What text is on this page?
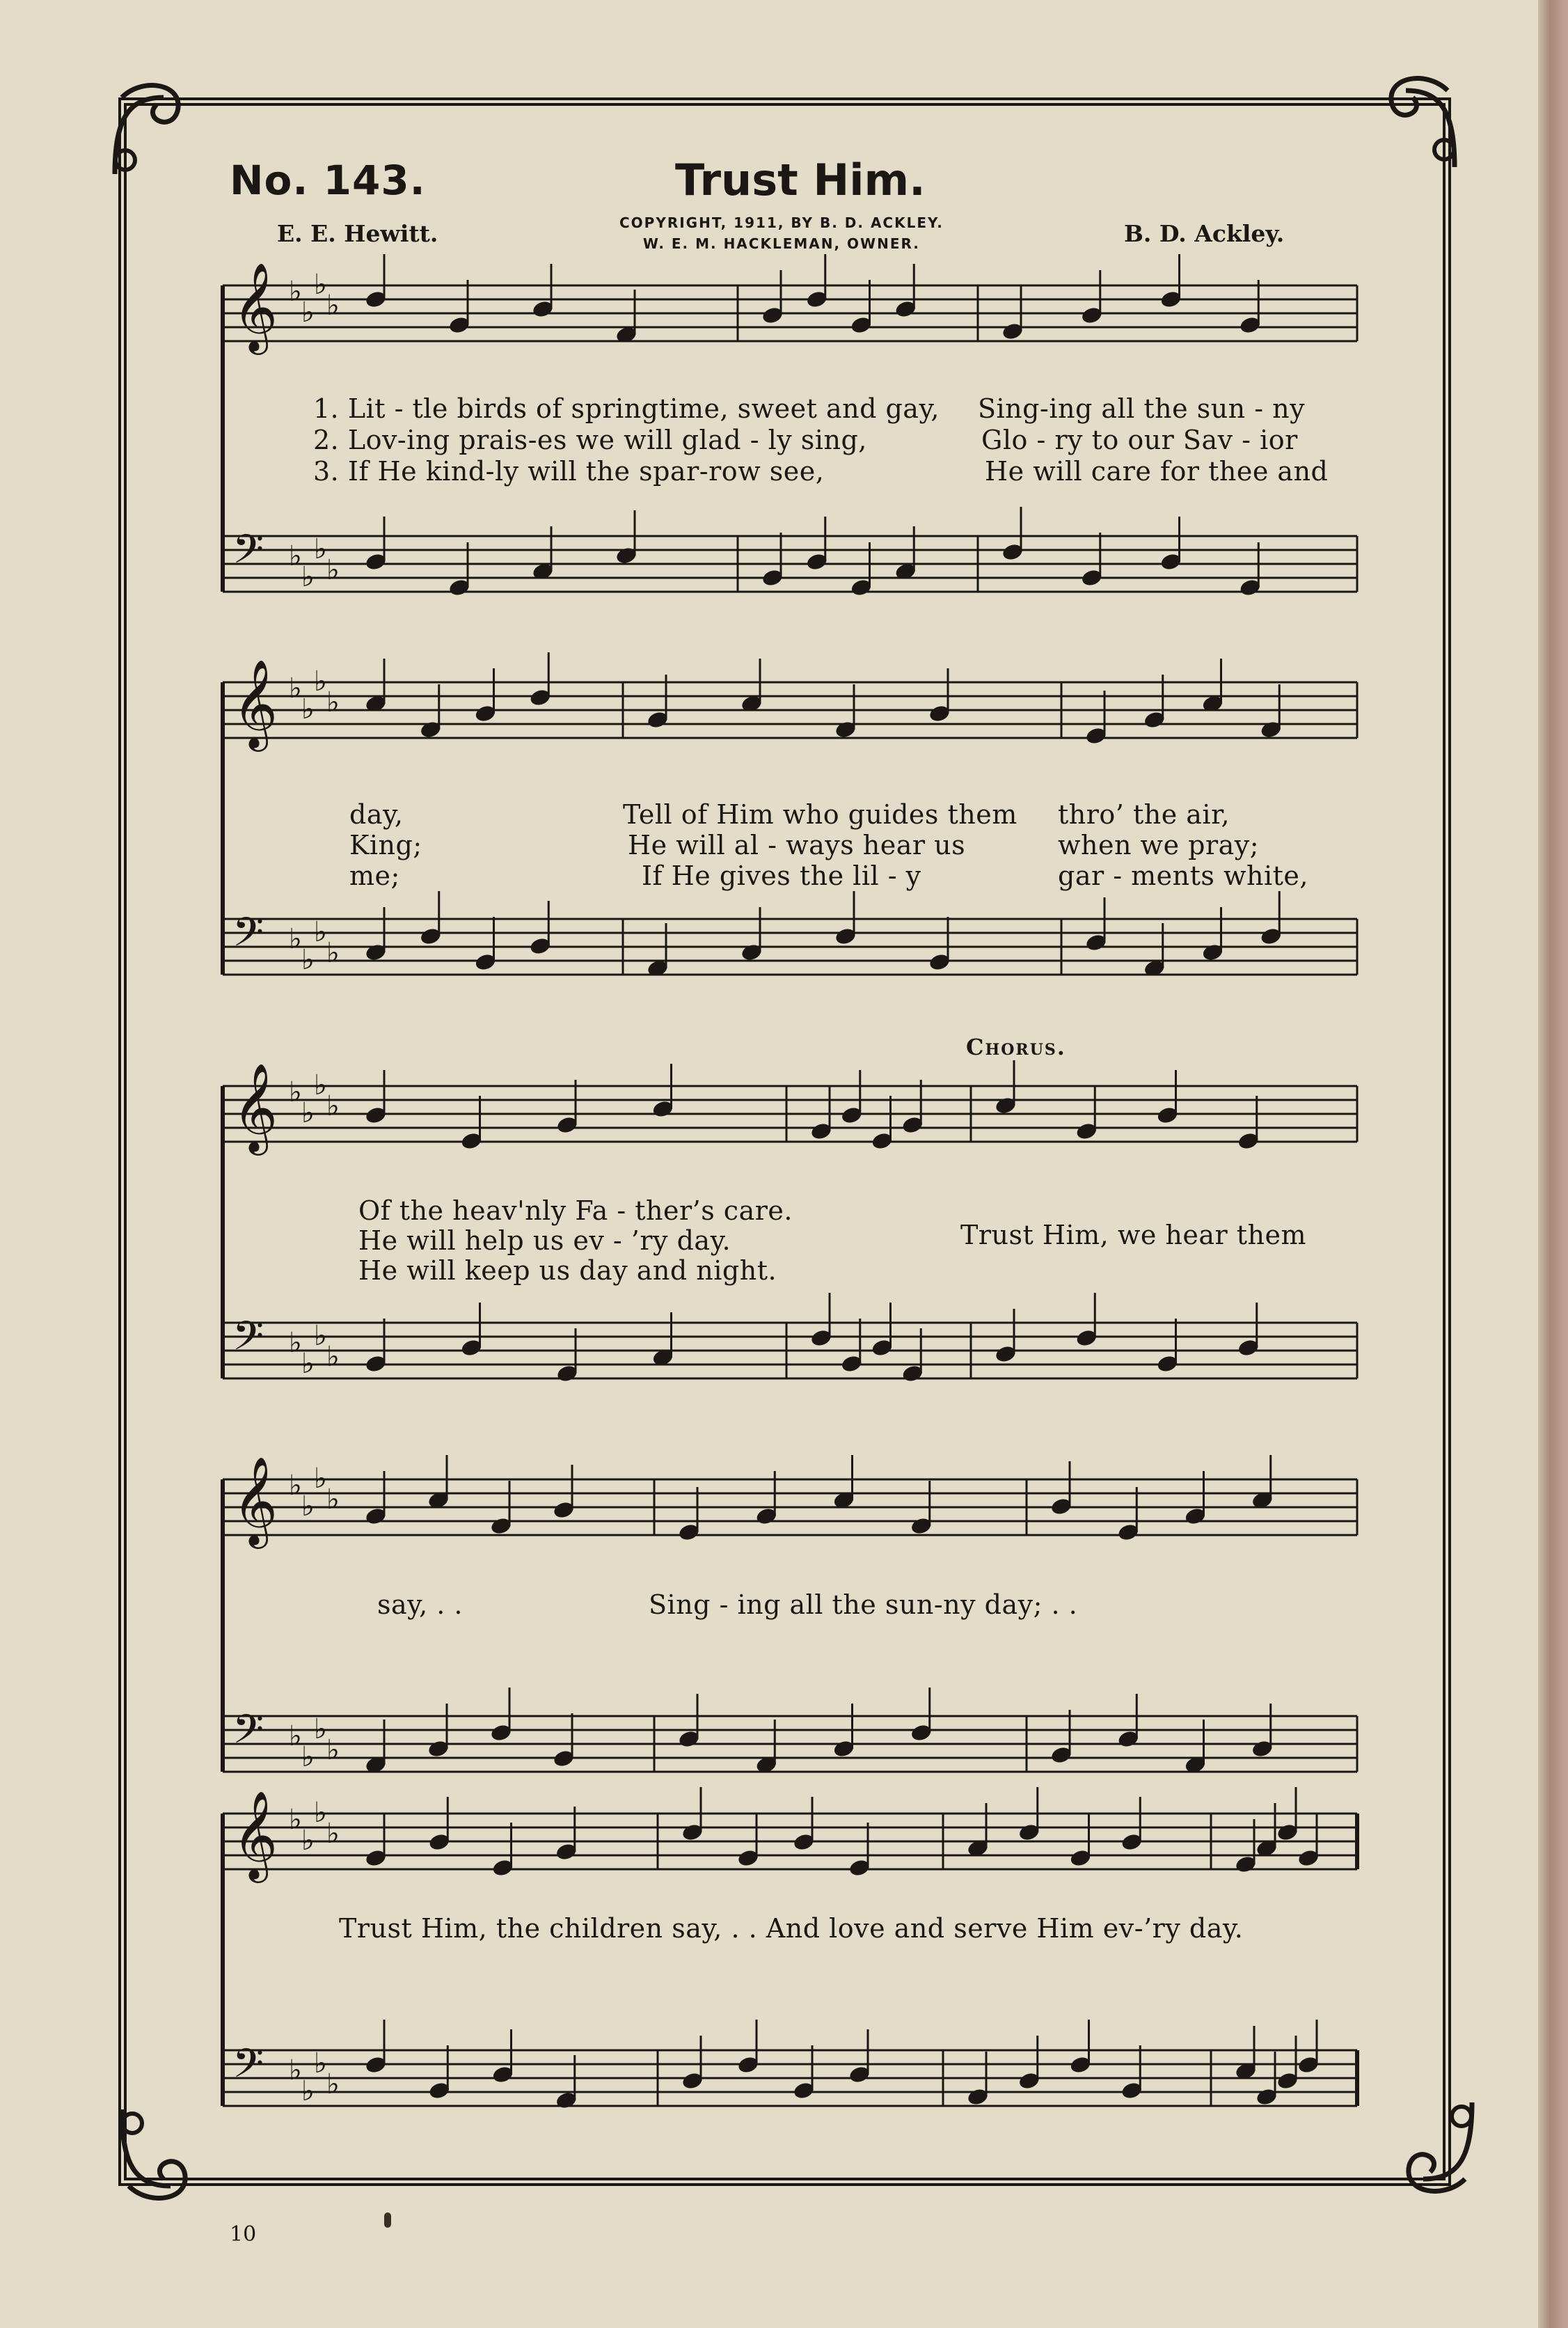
No. 143.	Trust Him.
E. E. Hewitt.	B. D. Ackley.
COPYRIGHT, 1911, BY B. D. ACKLEY.
W. E. M. HACKLEMAN, OWNER.
𝄞 ♭
♭
♭
♭
𝄢 ♭
♭
♭
♭
𝄞 ♭
♭
♭
♭
𝄢 ♭
♭
♭
♭
𝄞 ♭
♭
♭
♭
𝄢 ♭
♭
♭
♭
𝄞 ♭
♭
♭
♭
𝄢 ♭
♭
♭
♭
𝄞 ♭
♭
♭
♭
𝄢 ♭
♭
♭
♭
1. Lit - tle birds of springtime, sweet and gay, Sing-ing all the sun - ny
2. Lov-ing prais-es we will glad - ly sing,	Glo - ry to our Sav - ior
3. If He kind-ly will the spar-row see,	He will care for thee and
day,	Tell of Him who guides them thro’ the air,
King;	He will al - ways hear us	when we pray;
me;	If He gives the lil - y	gar - ments white,
Chorus.
Of the heav'nly Fa - ther’s care.
He will help us ev - ’ry day.
He will keep us day and night.
Trust Him, we hear them
say, . .	Sing - ing all the sun-ny day; . .
Trust Him, the children say, . . And love and serve Him ev-’ry day.
10
